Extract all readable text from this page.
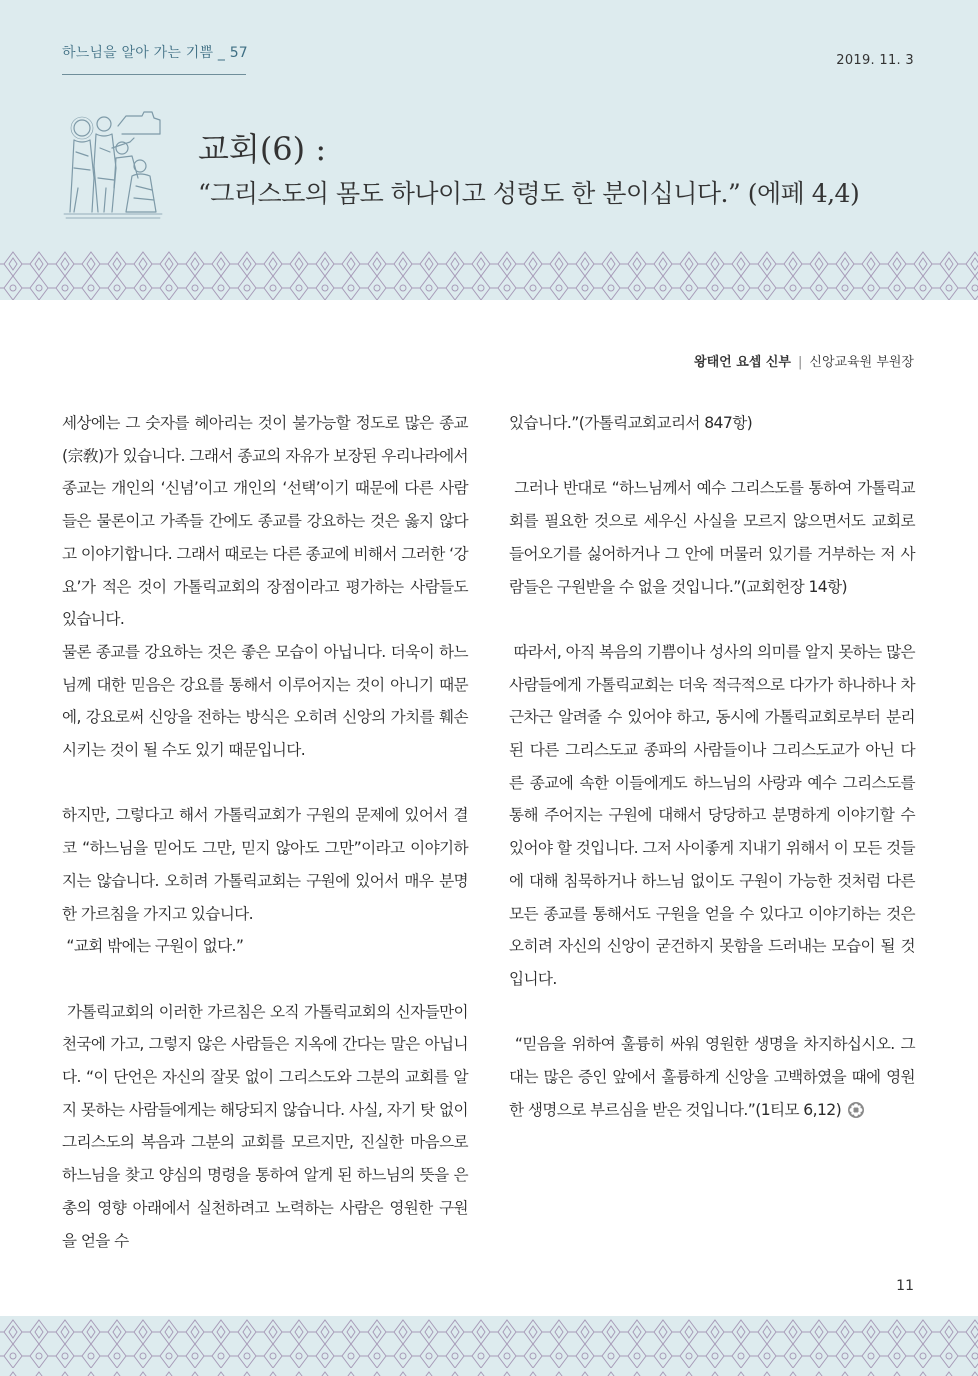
하느님을 알아 가는 기쁨 _ 57	2019. 11. 3
교회(6) :
“그리스도의 몸도 하나이고 성령도 한 분이십니다.” (에페 4,4)
왕태언 요셉 신부 | 신앙교육원 부원장

세상에는 그 숫자를 헤아리는 것이 불가능할 정도로 많은 종교(宗敎)가 있습니다. 그래서 종교의 자유가 보장된 우리나라에서 종교는 개인의 ‘신념’이고 개인의 ‘선택’이기 때문에 다른 사람들은 물론이고 가족들 간에도 종교를 강요하는 것은 옳지 않다고 이야기합니다. 그래서 때로는 다른 종교에 비해서 그러한 ‘강요’가 적은 것이 가톨릭교회의 장점이라고 평가하는 사람들도 있습니다.

물론 종교를 강요하는 것은 좋은 모습이 아닙니다. 더욱이 하느님께 대한 믿음은 강요를 통해서 이루어지는 것이 아니기 때문에, 강요로써 신앙을 전하는 방식은 오히려 신앙의 가치를 훼손시키는 것이 될 수도 있기 때문입니다.

하지만, 그렇다고 해서 가톨릭교회가 구원의 문제에 있어서 결코 “하느님을 믿어도 그만, 믿지 않아도 그만”이라고 이야기하지는 않습니다. 오히려 가톨릭교회는 구원에 있어서 매우 분명한 가르침을 가지고 있습니다.

“교회 밖에는 구원이 없다.”

가톨릭교회의 이러한 가르침은 오직 가톨릭교회의 신자들만이 천국에 가고, 그렇지 않은 사람들은 지옥에 간다는 말은 아닙니다. “이 단언은 자신의 잘못 없이 그리스도와 그분의 교회를 알지 못하는 사람들에게는 해당되지 않습니다. 사실, 자기 탓 없이 그리스도의 복음과 그분의 교회를 모르지만, 진실한 마음으로 하느님을 찾고 양심의 명령을 통하여 알게 된 하느님의 뜻을 은총의 영향 아래에서 실천하려고 노력하는 사람은 영원한 구원을 얻을 수

있습니다.”(가톨릭교회교리서 847항)

그러나 반대로 “하느님께서 예수 그리스도를 통하여 가톨릭교회를 필요한 것으로 세우신 사실을 모르지 않으면서도 교회로 들어오기를 싫어하거나 그 안에 머물러 있기를 거부하는 저 사람들은 구원받을 수 없을 것입니다.”(교회헌장 14항)

따라서, 아직 복음의 기쁨이나 성사의 의미를 알지 못하는 많은 사람들에게 가톨릭교회는 더욱 적극적으로 다가가 하나하나 차근차근 알려줄 수 있어야 하고, 동시에 가톨릭교회로부터 분리된 다른 그리스도교 종파의 사람들이나 그리스도교가 아닌 다른 종교에 속한 이들에게도 하느님의 사랑과 예수 그리스도를 통해 주어지는 구원에 대해서 당당하고 분명하게 이야기할 수 있어야 할 것입니다. 그저 사이좋게 지내기 위해서 이 모든 것들에 대해 침묵하거나 하느님 없이도 구원이 가능한 것처럼 다른 모든 종교를 통해서도 구원을 얻을 수 있다고 이야기하는 것은 오히려 자신의 신앙이 굳건하지 못함을 드러내는 모습이 될 것입니다.

“믿음을 위하여 훌륭히 싸워 영원한 생명을 차지하십시오. 그대는 많은 증인 앞에서 훌륭하게 신앙을 고백하였을 때에 영원한 생명으로 부르심을 받은 것입니다.”(1티모 6,12)

11
